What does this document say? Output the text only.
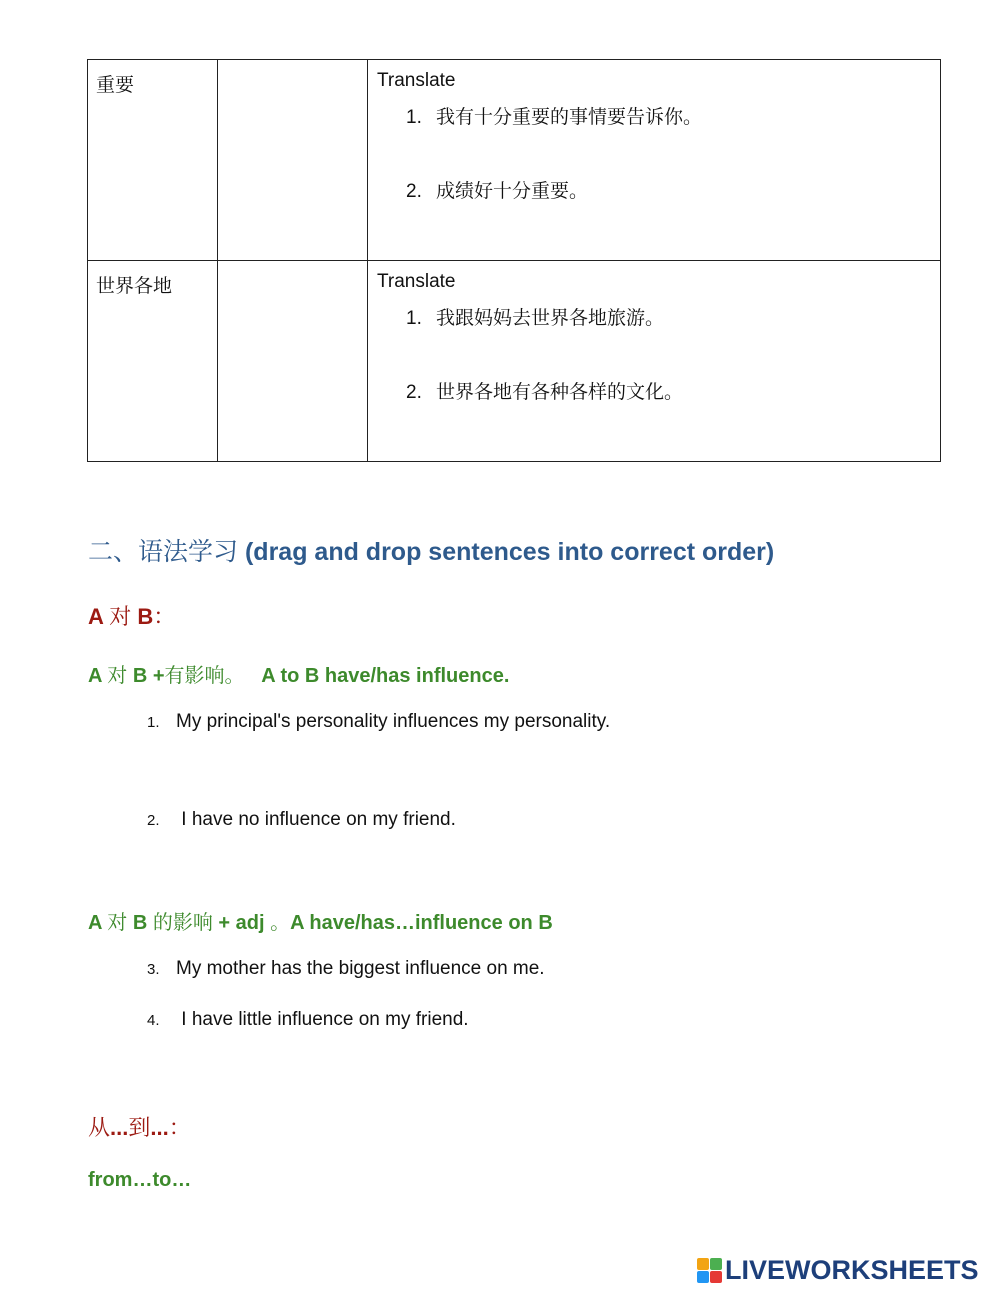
重要		Translate
1. 我有十分重要的事情要告诉你。
2. 成绩好十分重要。

世界各地		Translate
1. 我跟妈妈去世界各地旅游。
2. 世界各地有各种各样的文化。
二、语法学习 (drag and drop sentences into correct order)
A 对 B：
A 对 B +有影响。 A to B have/has influence.
1. My principal's personality influences my personality.
2. I have no influence on my friend.
A 对 B 的影响 + adj 。A have/has…influence on B
3. My mother has the biggest influence on me.
4. I have little influence on my friend.
从...到...：
from…to…
LIVEWORKSHEETS
